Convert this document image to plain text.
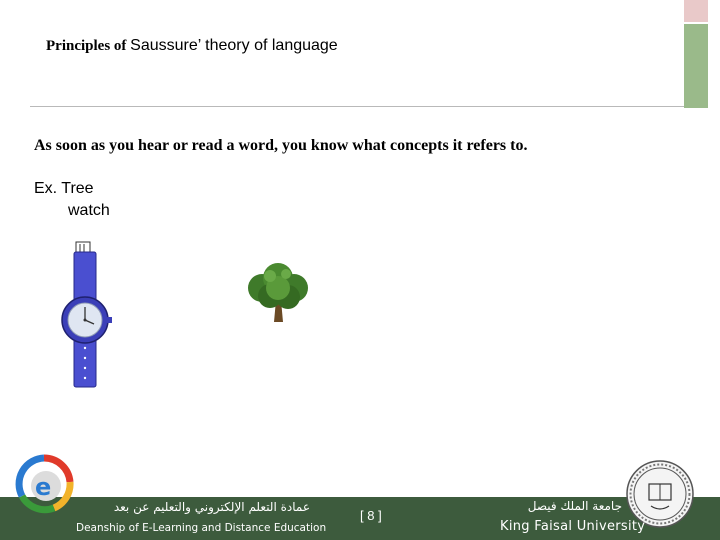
Principles of Saussure’ theory of language
As soon as you hear or read a word, you know what concepts it refers to.
Ex. Tree
watch
e
عمادة التعلم الإلكتروني والتعليم عن بعد
Deanship of E-Learning and Distance Education
[ 8 ]
جامعة الملك فيصل
King Faisal University
